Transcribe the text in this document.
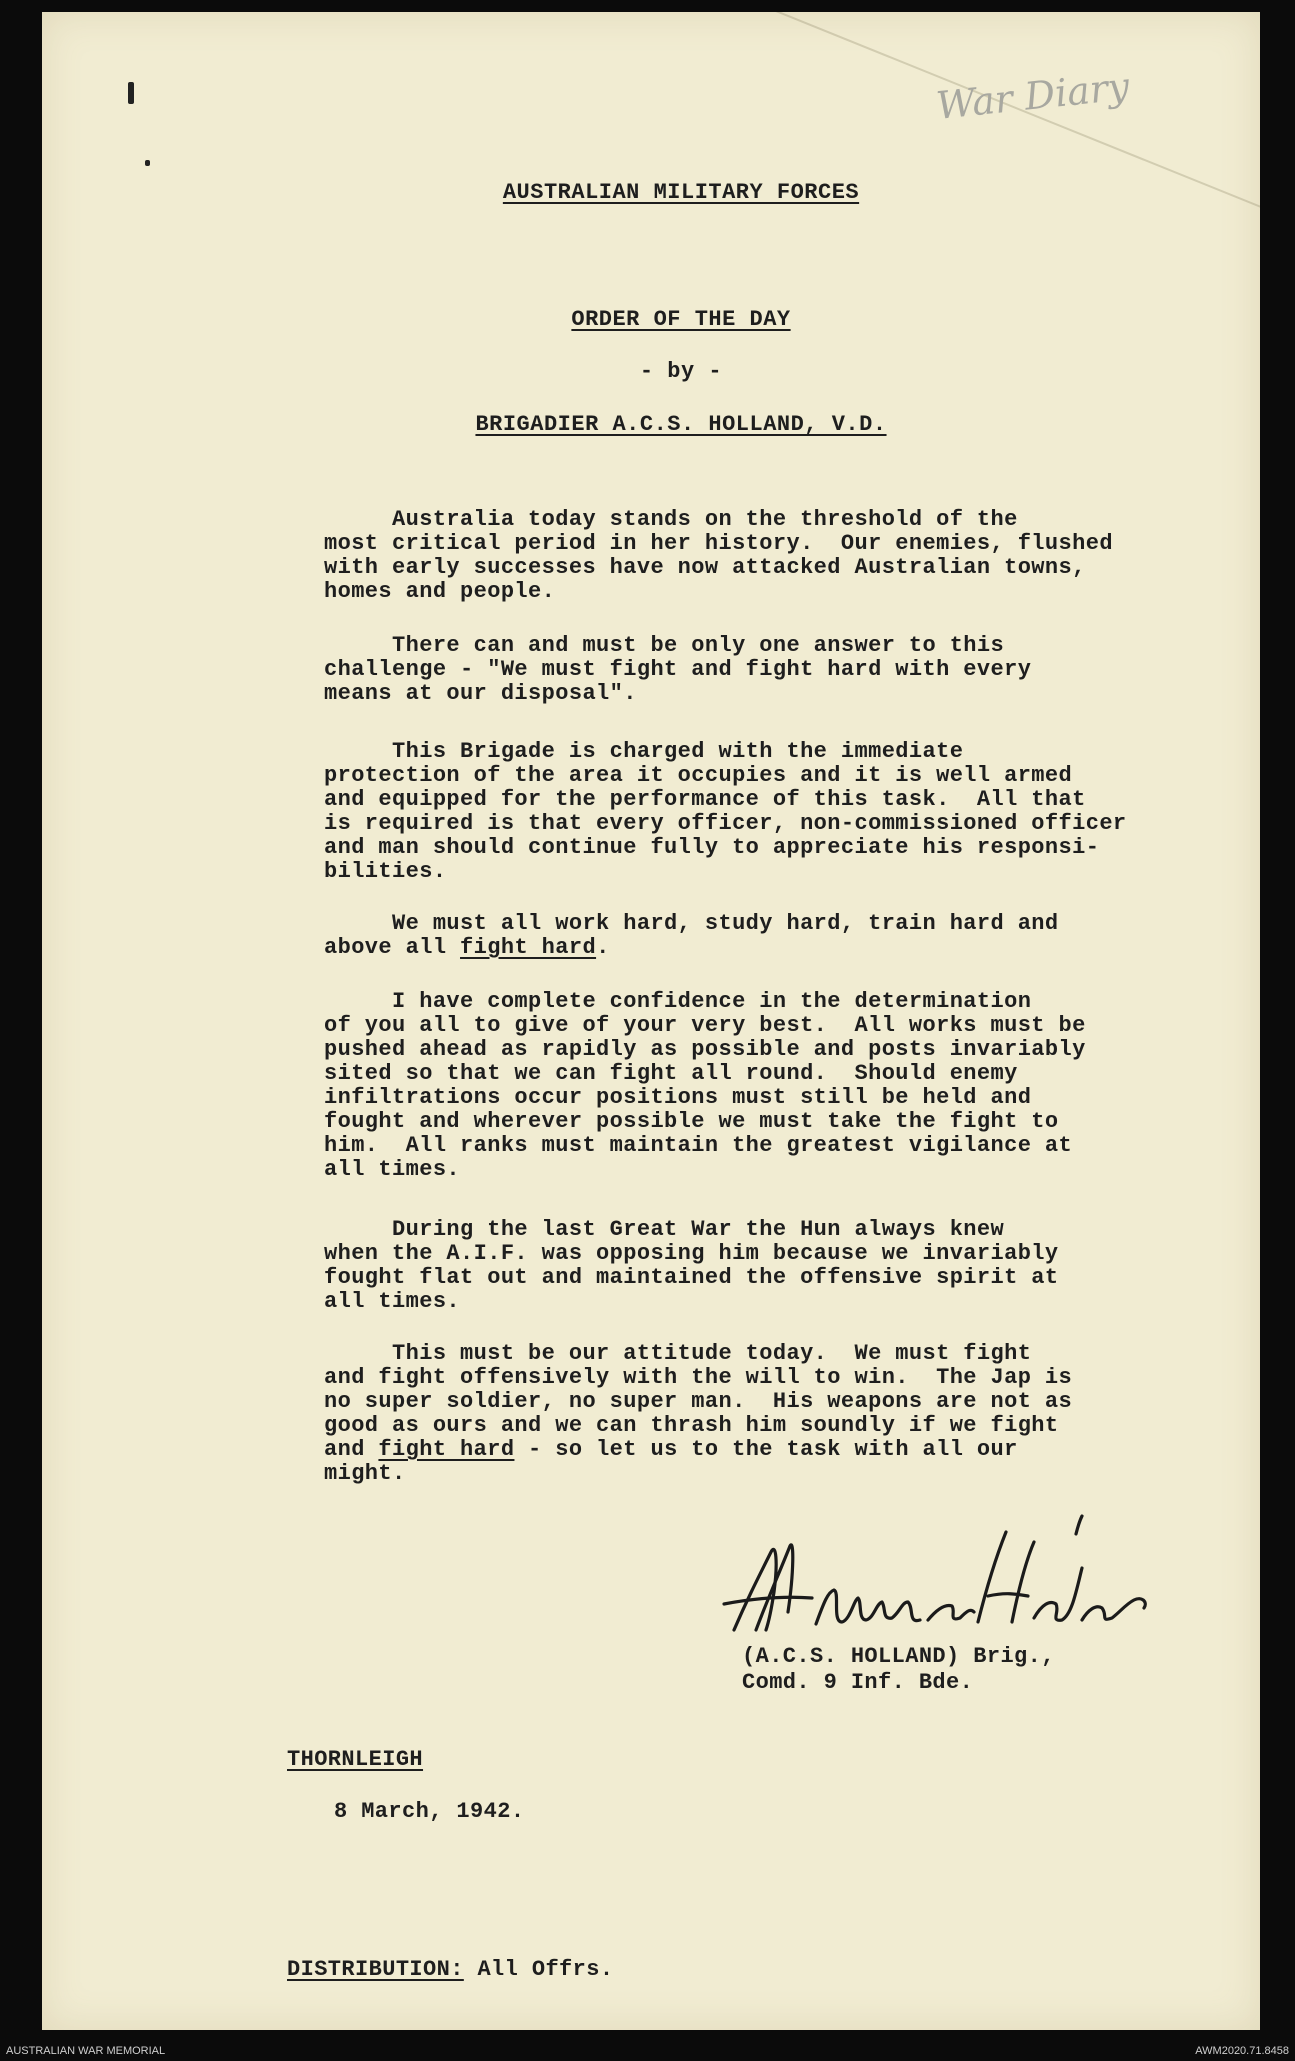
War Diary
AUSTRALIAN MILITARY FORCES
ORDER OF THE DAY
- by -
BRIGADIER A.C.S. HOLLAND, V.D.
Australia today stands on the threshold of the
most critical period in her history.  Our enemies, flushed
with early successes have now attacked Australian towns,
homes and people.
There can and must be only one answer to this
challenge - "We must fight and fight hard with every
means at our disposal".
This Brigade is charged with the immediate
protection of the area it occupies and it is well armed
and equipped for the performance of this task.  All that
is required is that every officer, non-commissioned officer
and man should continue fully to appreciate his responsi-
bilities.
We must all work hard, study hard, train hard and
above all fight hard.
I have complete confidence in the determination
of you all to give of your very best.  All works must be
pushed ahead as rapidly as possible and posts invariably
sited so that we can fight all round.  Should enemy
infiltrations occur positions must still be held and
fought and wherever possible we must take the fight to
him.  All ranks must maintain the greatest vigilance at
all times.
During the last Great War the Hun always knew
when the A.I.F. was opposing him because we invariably
fought flat out and maintained the offensive spirit at
all times.
This must be our attitude today.  We must fight
and fight offensively with the will to win.  The Jap is
no super soldier, no super man.  His weapons are not as
good as ours and we can thrash him soundly if we fight
and fight hard - so let us to the task with all our
might.
(A.C.S. HOLLAND) Brig.,
Comd. 9 Inf. Bde.
THORNLEIGH
8 March, 1942.
DISTRIBUTION: All Offrs.
AUSTRALIAN WAR MEMORIAL	AWM2020.71.8458
